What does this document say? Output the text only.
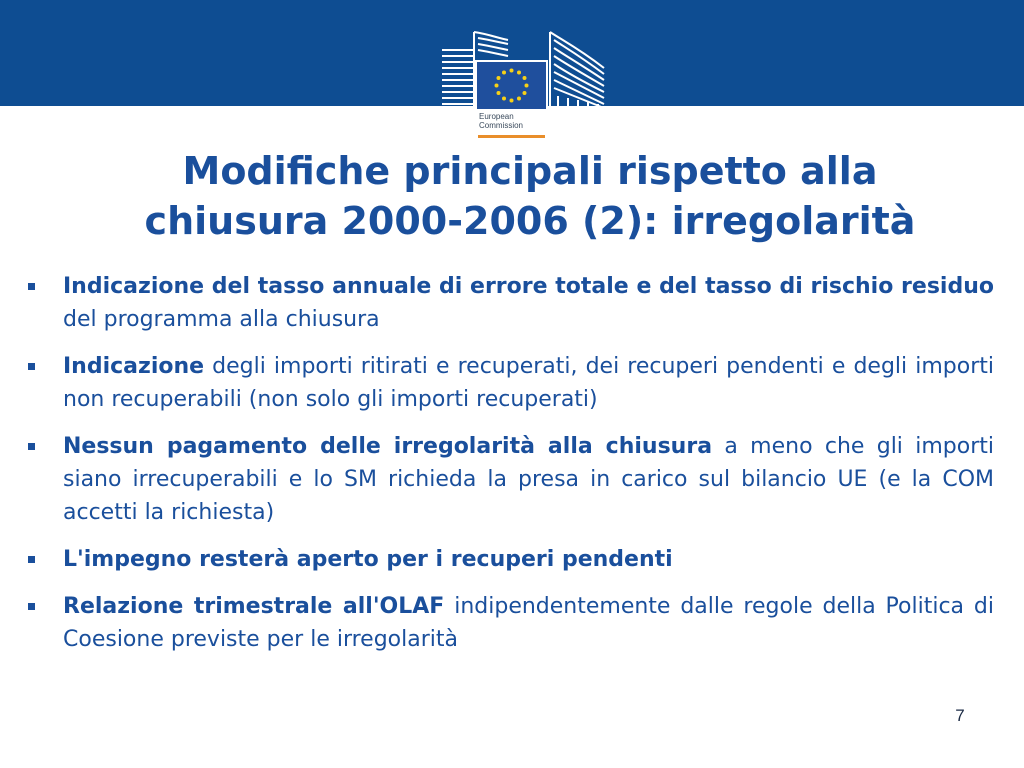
European
Commission
Modifiche principali rispetto alla
chiusura 2000-2006 (2): irregolarità
Indicazione del tasso annuale di errore totale e del tasso di rischio residuo del programma alla chiusura
Indicazione degli importi ritirati e recuperati, dei recuperi pendenti e degli importi non recuperabili (non solo gli importi recuperati)
Nessun pagamento delle irregolarità alla chiusura a meno che gli importi siano irrecuperabili e lo SM richieda la presa in carico sul bilancio UE (e la COM accetti la richiesta)
L'impegno resterà aperto per i recuperi pendenti
Relazione trimestrale all'OLAF indipendentemente dalle regole della Politica di Coesione previste per le irregolarità
7
